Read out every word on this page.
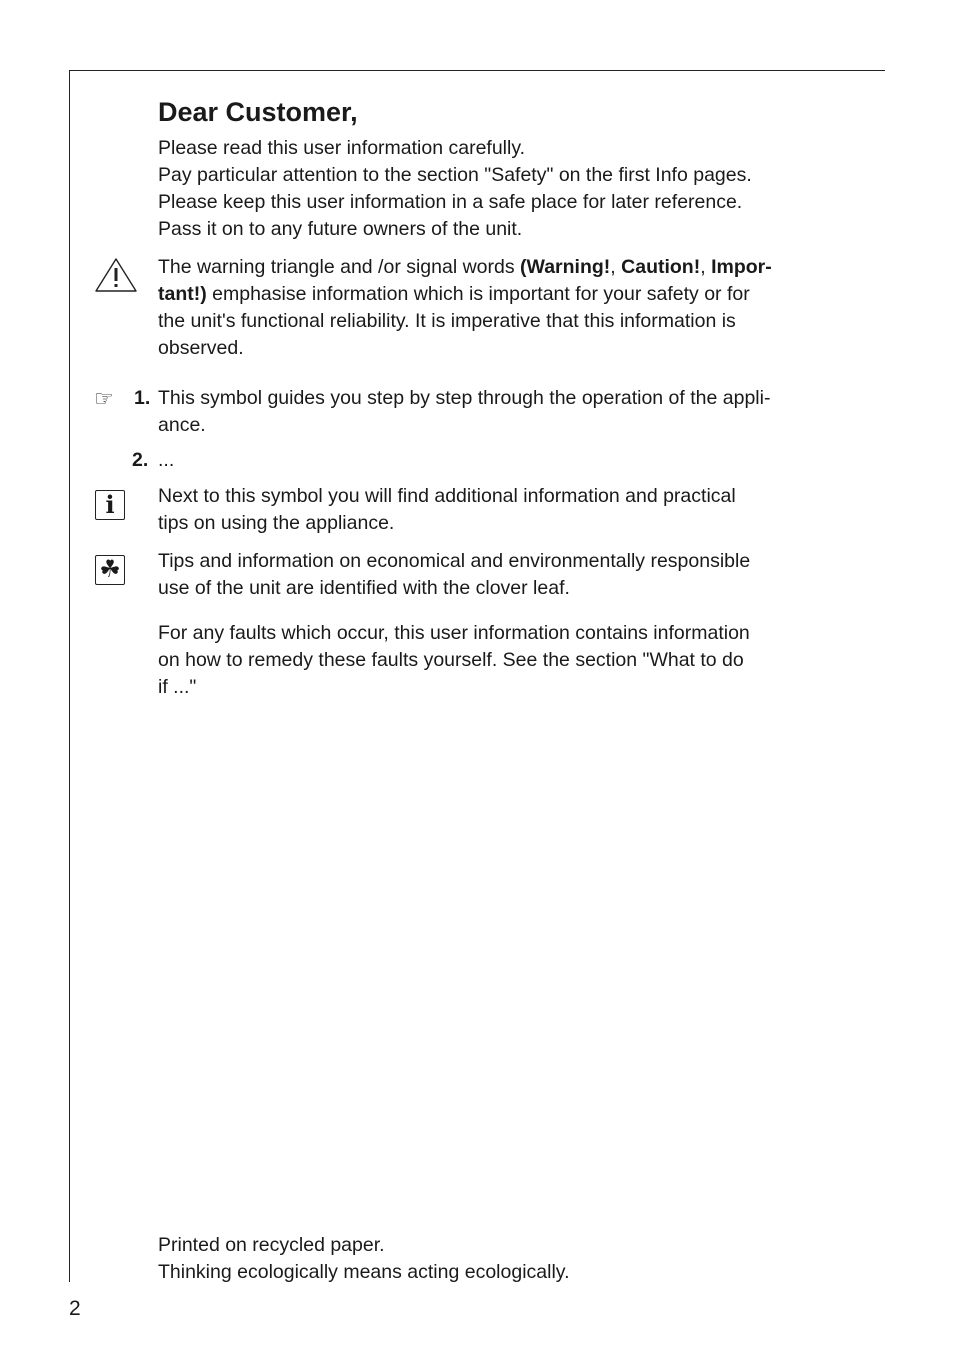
Dear Customer,
Please read this user information carefully.
Pay particular attention to the section "Safety" on the first Info pages.
Please keep this user information in a safe place for later reference.
Pass it on to any future owners of the unit.
The warning triangle and /or signal words (Warning!, Caution!, Impor-
tant!) emphasise information which is important for your safety or for
the unit's functional reliability. It is imperative that this information is
observed.
☞ 1. This symbol guides you step by step through the operation of the appli-
ance.
2. ...
i Next to this symbol you will find additional information and practical
tips on using the appliance.
☘ Tips and information on economical and environmentally responsible
use of the unit are identified with the clover leaf.
For any faults which occur, this user information contains information
on how to remedy these faults yourself. See the section "What to do
if ..."
Printed on recycled paper.
Thinking ecologically means acting ecologically.
2
